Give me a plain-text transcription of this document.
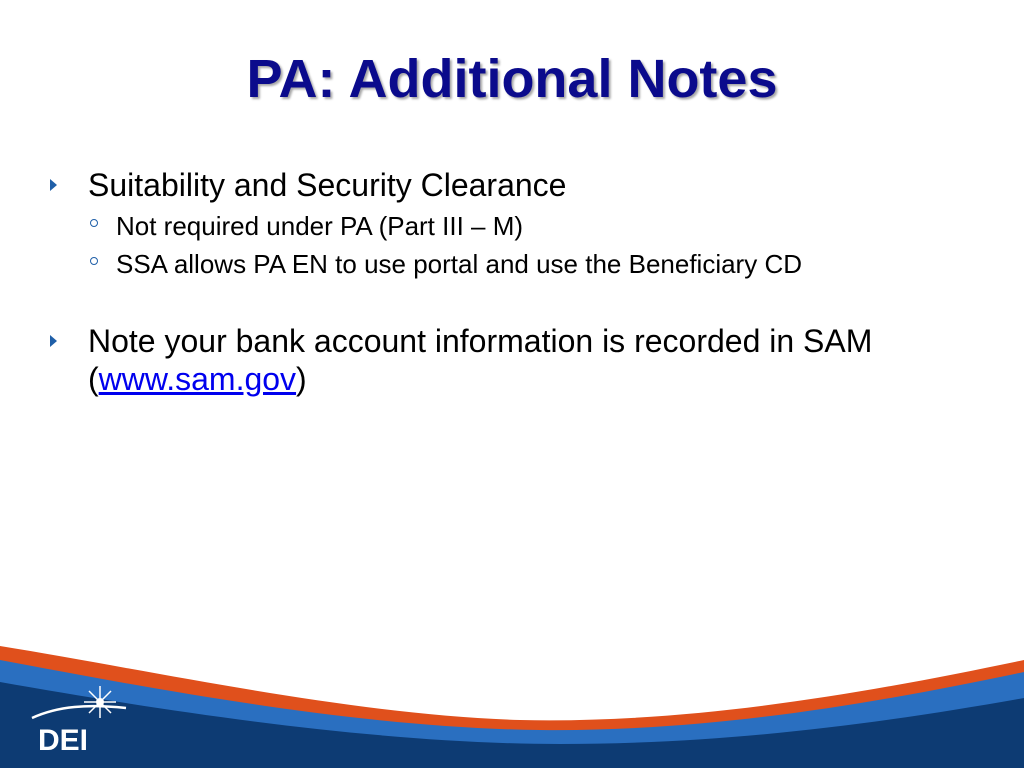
PA: Additional Notes
Suitability and Security Clearance
Not required under PA (Part III – M)
SSA allows PA EN to use portal and use the Beneficiary CD
Note your bank account information is recorded in SAM (www.sam.gov)
DEI
